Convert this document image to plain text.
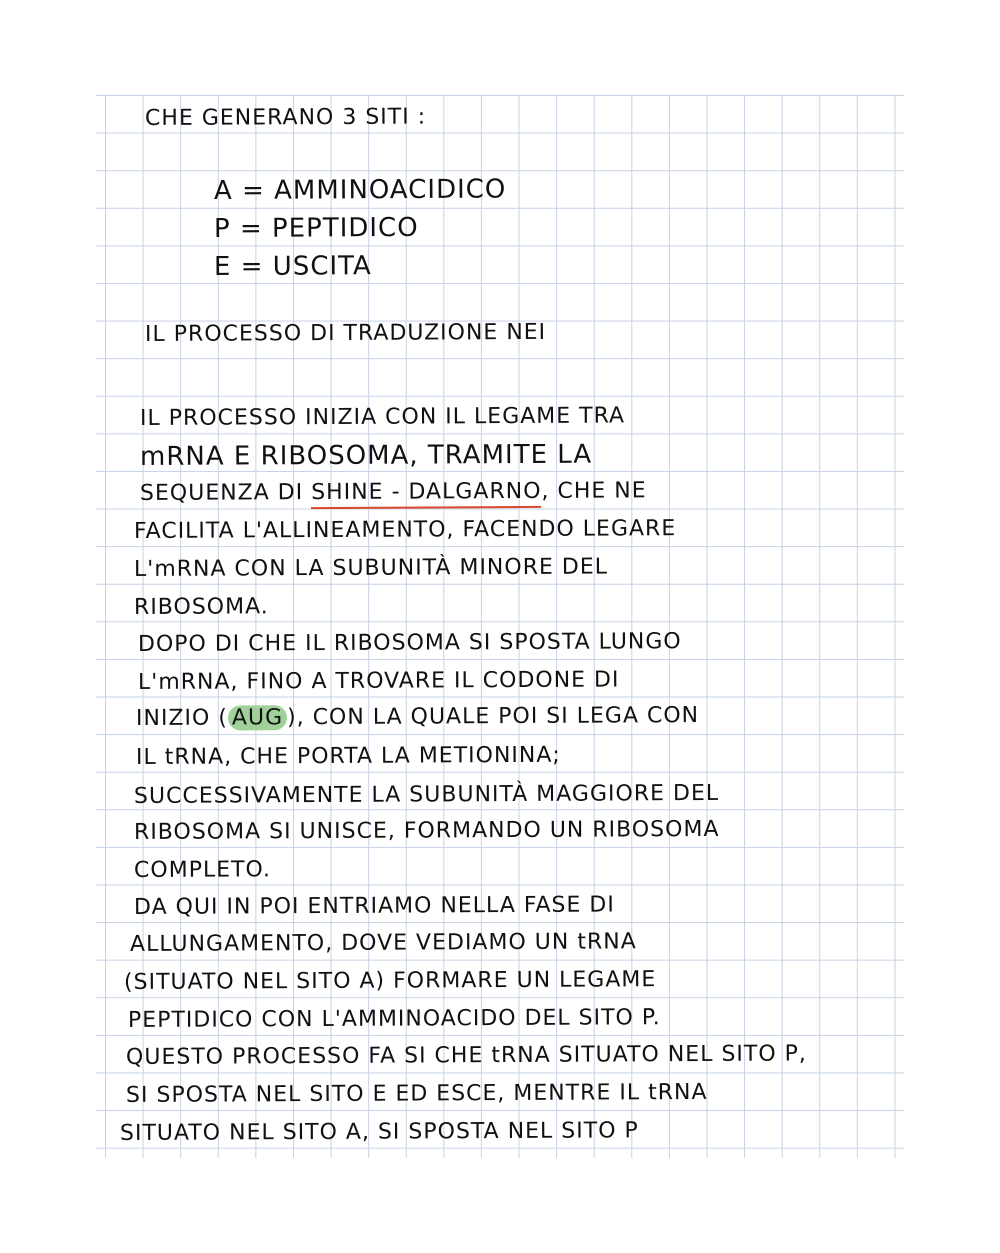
CHE GENERANO 3 SITI :
A = AMMINOACIDICO
P = PEPTIDICO
E = USCITA
IL PROCESSO DI TRADUZIONE NEI
IL PROCESSO INIZIA CON IL LEGAME TRA
mRNA E RIBOSOMA, TRAMITE LA
SEQUENZA DI SHINE - DALGARNO, CHE NE
FACILITA L'ALLINEAMENTO, FACENDO LEGARE
L'mRNA CON LA SUBUNITÀ MINORE DEL
RIBOSOMA.
DOPO DI CHE IL RIBOSOMA SI SPOSTA LUNGO
L'mRNA, FINO A TROVARE IL CODONE DI
INIZIO ( AUG ), CON LA QUALE POI SI LEGA CON
IL tRNA, CHE PORTA LA METIONINA;
SUCCESSIVAMENTE LA SUBUNITÀ MAGGIORE DEL
RIBOSOMA SI UNISCE, FORMANDO UN RIBOSOMA
COMPLETO.
DA QUI IN POI ENTRIAMO NELLA FASE DI
ALLUNGAMENTO, DOVE VEDIAMO UN tRNA
(SITUATO NEL SITO A) FORMARE UN LEGAME
PEPTIDICO CON L'AMMINOACIDO DEL SITO P.
QUESTO PROCESSO FA SI CHE tRNA SITUATO NEL SITO P,
SI SPOSTA NEL SITO E ED ESCE, MENTRE IL tRNA
SITUATO NEL SITO A, SI SPOSTA NEL SITO P
